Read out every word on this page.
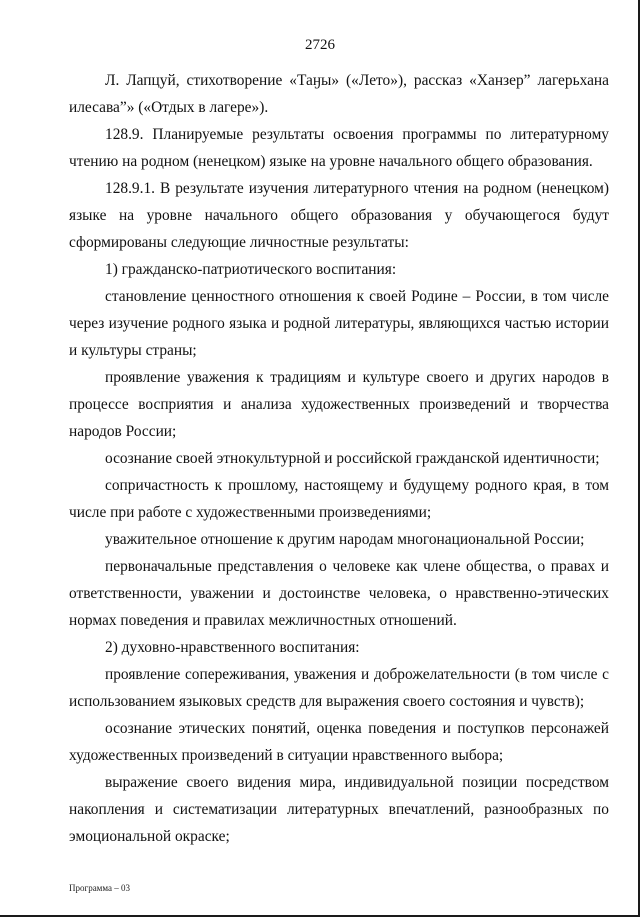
2726

Л. Лапцуй, стихотворение «Таӈы» («Лето»), рассказ «Ханзер” лагерьхана илесава”» («Отдых в лагере»).

128.9. Планируемые результаты освоения программы по литературному чтению на родном (ненецком) языке на уровне начального общего образования.

128.9.1. В результате изучения литературного чтения на родном (ненецком) языке на уровне начального общего образования у обучающегося будут сформированы следующие личностные результаты:

1) гражданско-патриотического воспитания:

становление ценностного отношения к своей Родине – России, в том числе через изучение родного языка и родной литературы, являющихся частью истории и культуры страны;

проявление уважения к традициям и культуре своего и других народов в процессе восприятия и анализа художественных произведений и творчества народов России;

осознание своей этнокультурной и российской гражданской идентичности;

сопричастность к прошлому, настоящему и будущему родного края, в том числе при работе с художественными произведениями;

уважительное отношение к другим народам многонациональной России;

первоначальные представления о человеке как члене общества, о правах и ответственности, уважении и достоинстве человека, о нравственно-этических нормах поведения и правилах межличностных отношений.

2) духовно-нравственного воспитания:

проявление сопереживания, уважения и доброжелательности (в том числе с использованием языковых средств для выражения своего состояния и чувств);

осознание этических понятий, оценка поведения и поступков персонажей художественных произведений в ситуации нравственного выбора;

выражение своего видения мира, индивидуальной позиции посредством накопления и систематизации литературных впечатлений, разнообразных по эмоциональной окраске;

Программа – 03
